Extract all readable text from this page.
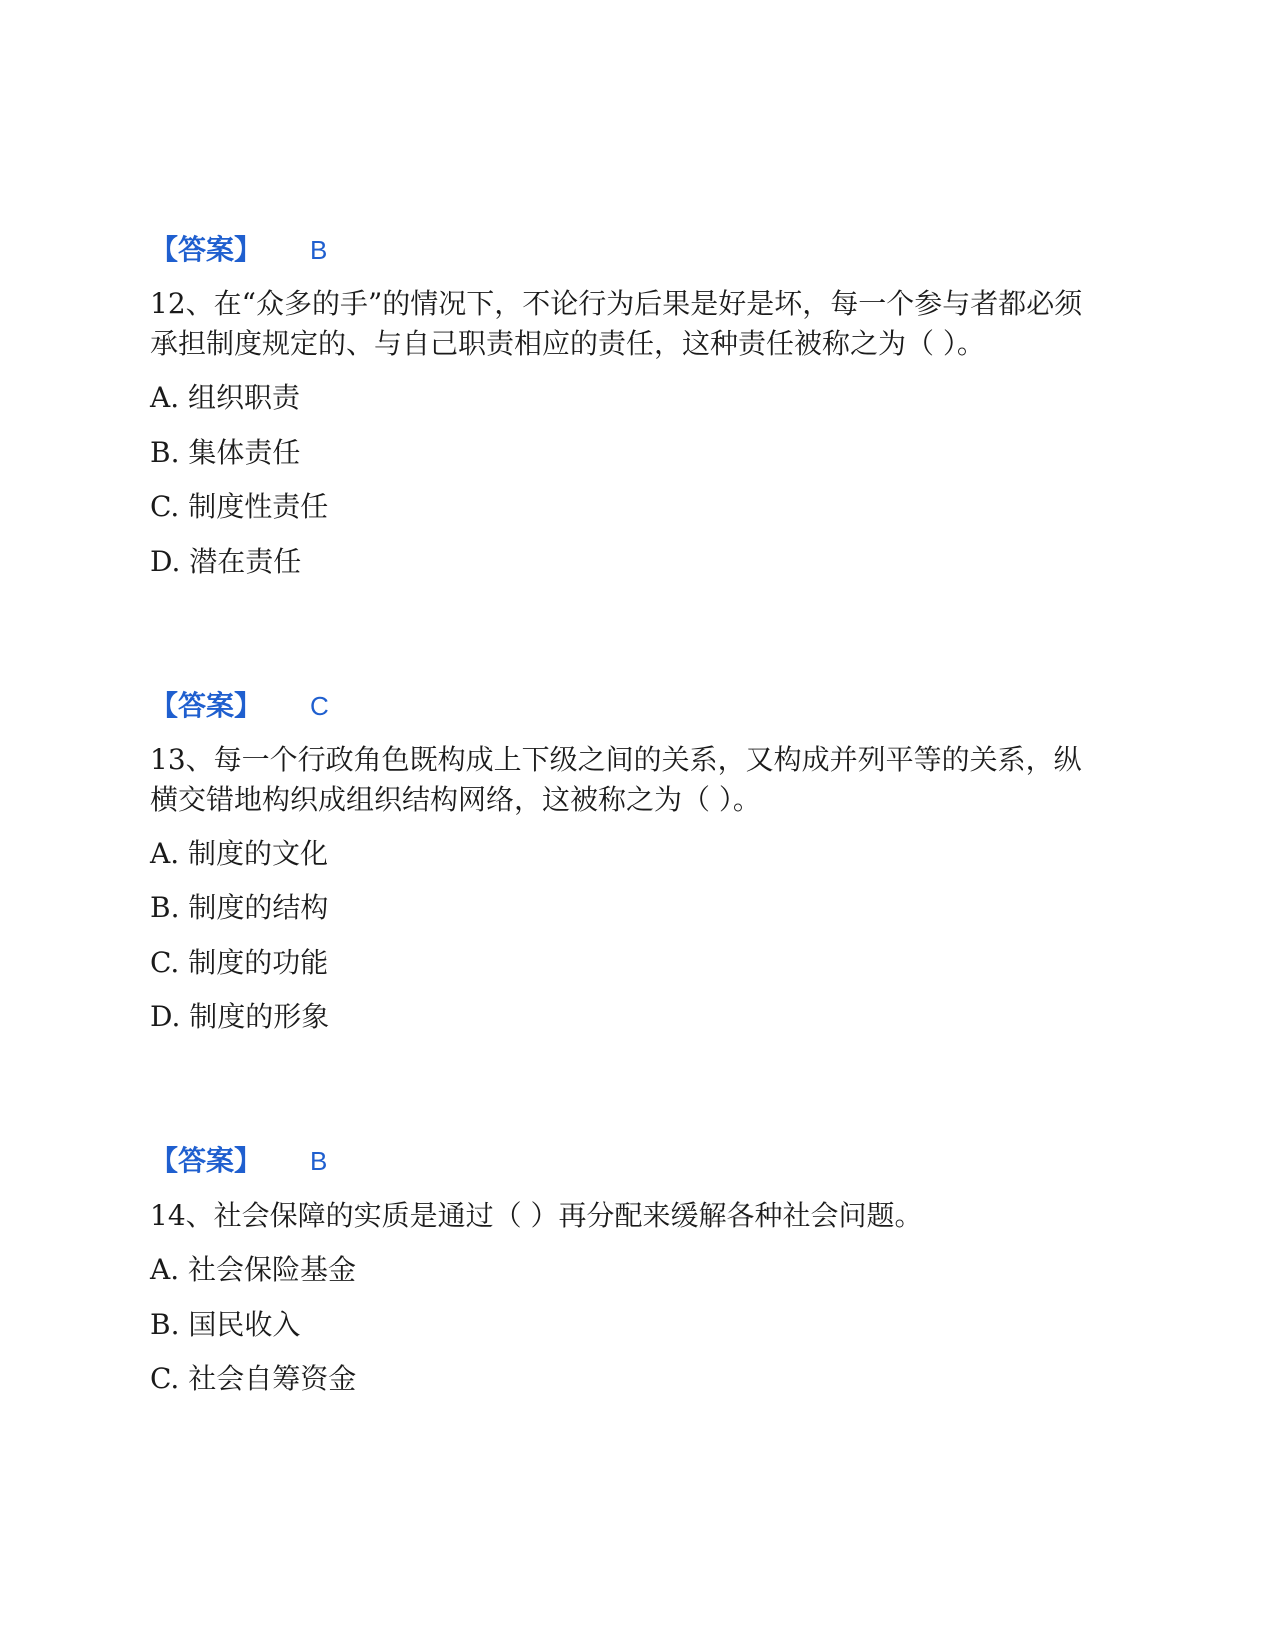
【答案】 B
12、在“众多的手”的情况下，不论行为后果是好是坏，每一个参与者都必须
承担制度规定的、与自己职责相应的责任，这种责任被称之为（ ）。
A. 组织职责
B. 集体责任
C. 制度性责任
D. 潜在责任
【答案】 C
13、每一个行政角色既构成上下级之间的关系，又构成并列平等的关系，纵
横交错地构织成组织结构网络，这被称之为（ ）。
A. 制度的文化
B. 制度的结构
C. 制度的功能
D. 制度的形象
【答案】 B
14、社会保障的实质是通过（ ）再分配来缓解各种社会问题。
A. 社会保险基金
B. 国民收入
C. 社会自筹资金
